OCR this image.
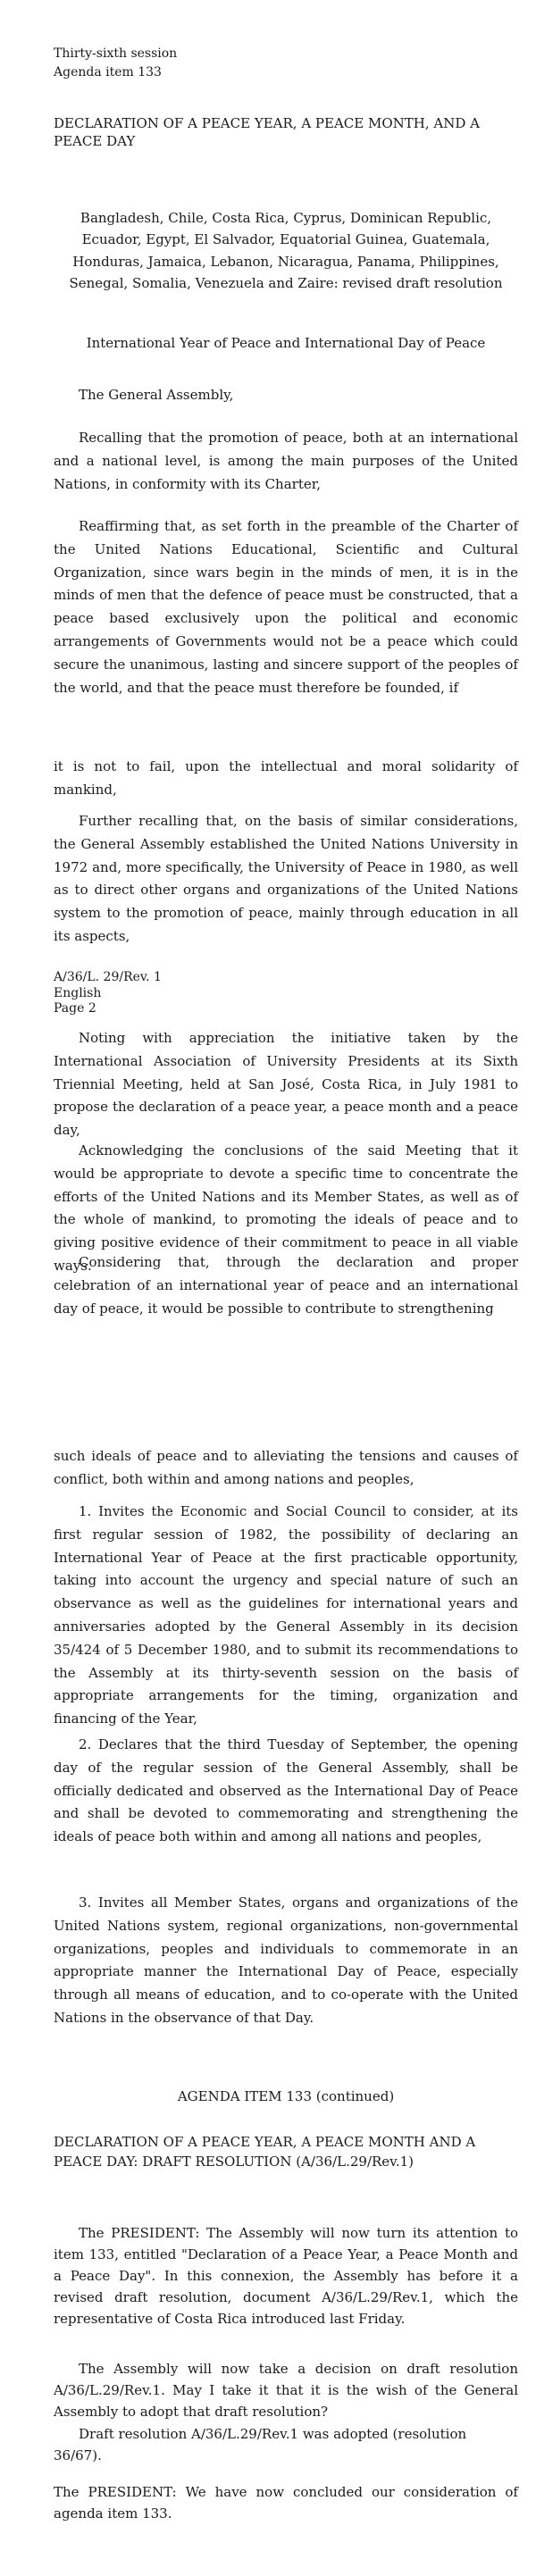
Thirty-sixth session
Agenda item 133
DECLARATION OF A PEACE YEAR, A PEACE MONTH, AND A PEACE DAY
Bangladesh, Chile, Costa Rica, Cyprus, Dominican Republic, Ecuador, Egypt, El Salvador, Equatorial Guinea, Guatemala, Honduras, Jamaica, Lebanon, Nicaragua, Panama, Philippines, Senegal, Somalia, Venezuela and Zaire: revised draft resolution
International Year of Peace and International Day of Peace
The General Assembly,
Recalling that the promotion of peace, both at an international and a national level, is among the main purposes of the United Nations, in conformity with its Charter,
Reaffirming that, as set forth in the preamble of the Charter of the United Nations Educational, Scientific and Cultural Organization, since wars begin in the minds of men, it is in the minds of men that the defence of peace must be constructed, that a peace based exclusively upon the political and economic arrangements of Governments would not be a peace which could secure the unanimous, lasting and sincere support of the peoples of the world, and that the peace must therefore be founded, if
it is not to fail, upon the intellectual and moral solidarity of mankind,
Further recalling that, on the basis of similar considerations, the General Assembly established the United Nations University in 1972 and, more specifically, the University of Peace in 1980, as well as to direct other organs and organizations of the United Nations system to the promotion of peace, mainly through education in all its aspects,
A/36/L. 29/Rev. 1
English
Page 2
Noting with appreciation the initiative taken by the International Association of University Presidents at its Sixth Triennial Meeting, held at San José, Costa Rica, in July 1981 to propose the declaration of a peace year, a peace month and a peace day,
Acknowledging the conclusions of the said Meeting that it would be appropriate to devote a specific time to concentrate the efforts of the United Nations and its Member States, as well as of the whole of mankind, to promoting the ideals of peace and to giving positive evidence of their commitment to peace in all viable ways.
Considering that, through the declaration and proper celebration of an international year of peace and an international day of peace, it would be possible to contribute to strengthening
such ideals of peace and to alleviating the tensions and causes of conflict, both within and among nations and peoples,
1. Invites the Economic and Social Council to consider, at its first regular session of 1982, the possibility of declaring an International Year of Peace at the first practicable opportunity, taking into account the urgency and special nature of such an observance as well as the guidelines for international years and anniversaries adopted by the General Assembly in its decision 35/424 of 5 December 1980, and to submit its recommendations to the Assembly at its thirty-seventh session on the basis of appropriate arrangements for the timing, organization and financing of the Year,
2. Declares that the third Tuesday of September, the opening day of the regular session of the General Assembly, shall be officially dedicated and observed as the International Day of Peace and shall be devoted to commemorating and strengthening the ideals of peace both within and among all nations and peoples,
3. Invites all Member States, organs and organizations of the United Nations system, regional organizations, non-governmental organizations, peoples and individuals to commemorate in an appropriate manner the International Day of Peace, especially through all means of education, and to co-operate with the United Nations in the observance of that Day.
AGENDA ITEM 133 (continued)
DECLARATION OF A PEACE YEAR, A PEACE MONTH AND A PEACE DAY: DRAFT RESOLUTION (A/36/L.29/Rev.1)
The PRESIDENT: The Assembly will now turn its attention to item 133, entitled "Declaration of a Peace Year, a Peace Month and a Peace Day". In this connexion, the Assembly has before it a revised draft resolution, document A/36/L.29/Rev.1, which the representative of Costa Rica introduced last Friday.
The Assembly will now take a decision on draft resolution A/36/L.29/Rev.1. May I take it that it is the wish of the General Assembly to adopt that draft resolution?
Draft resolution A/36/L.29/Rev.1 was adopted (resolution 36/67).
The PRESIDENT: We have now concluded our consideration of agenda item 133.
